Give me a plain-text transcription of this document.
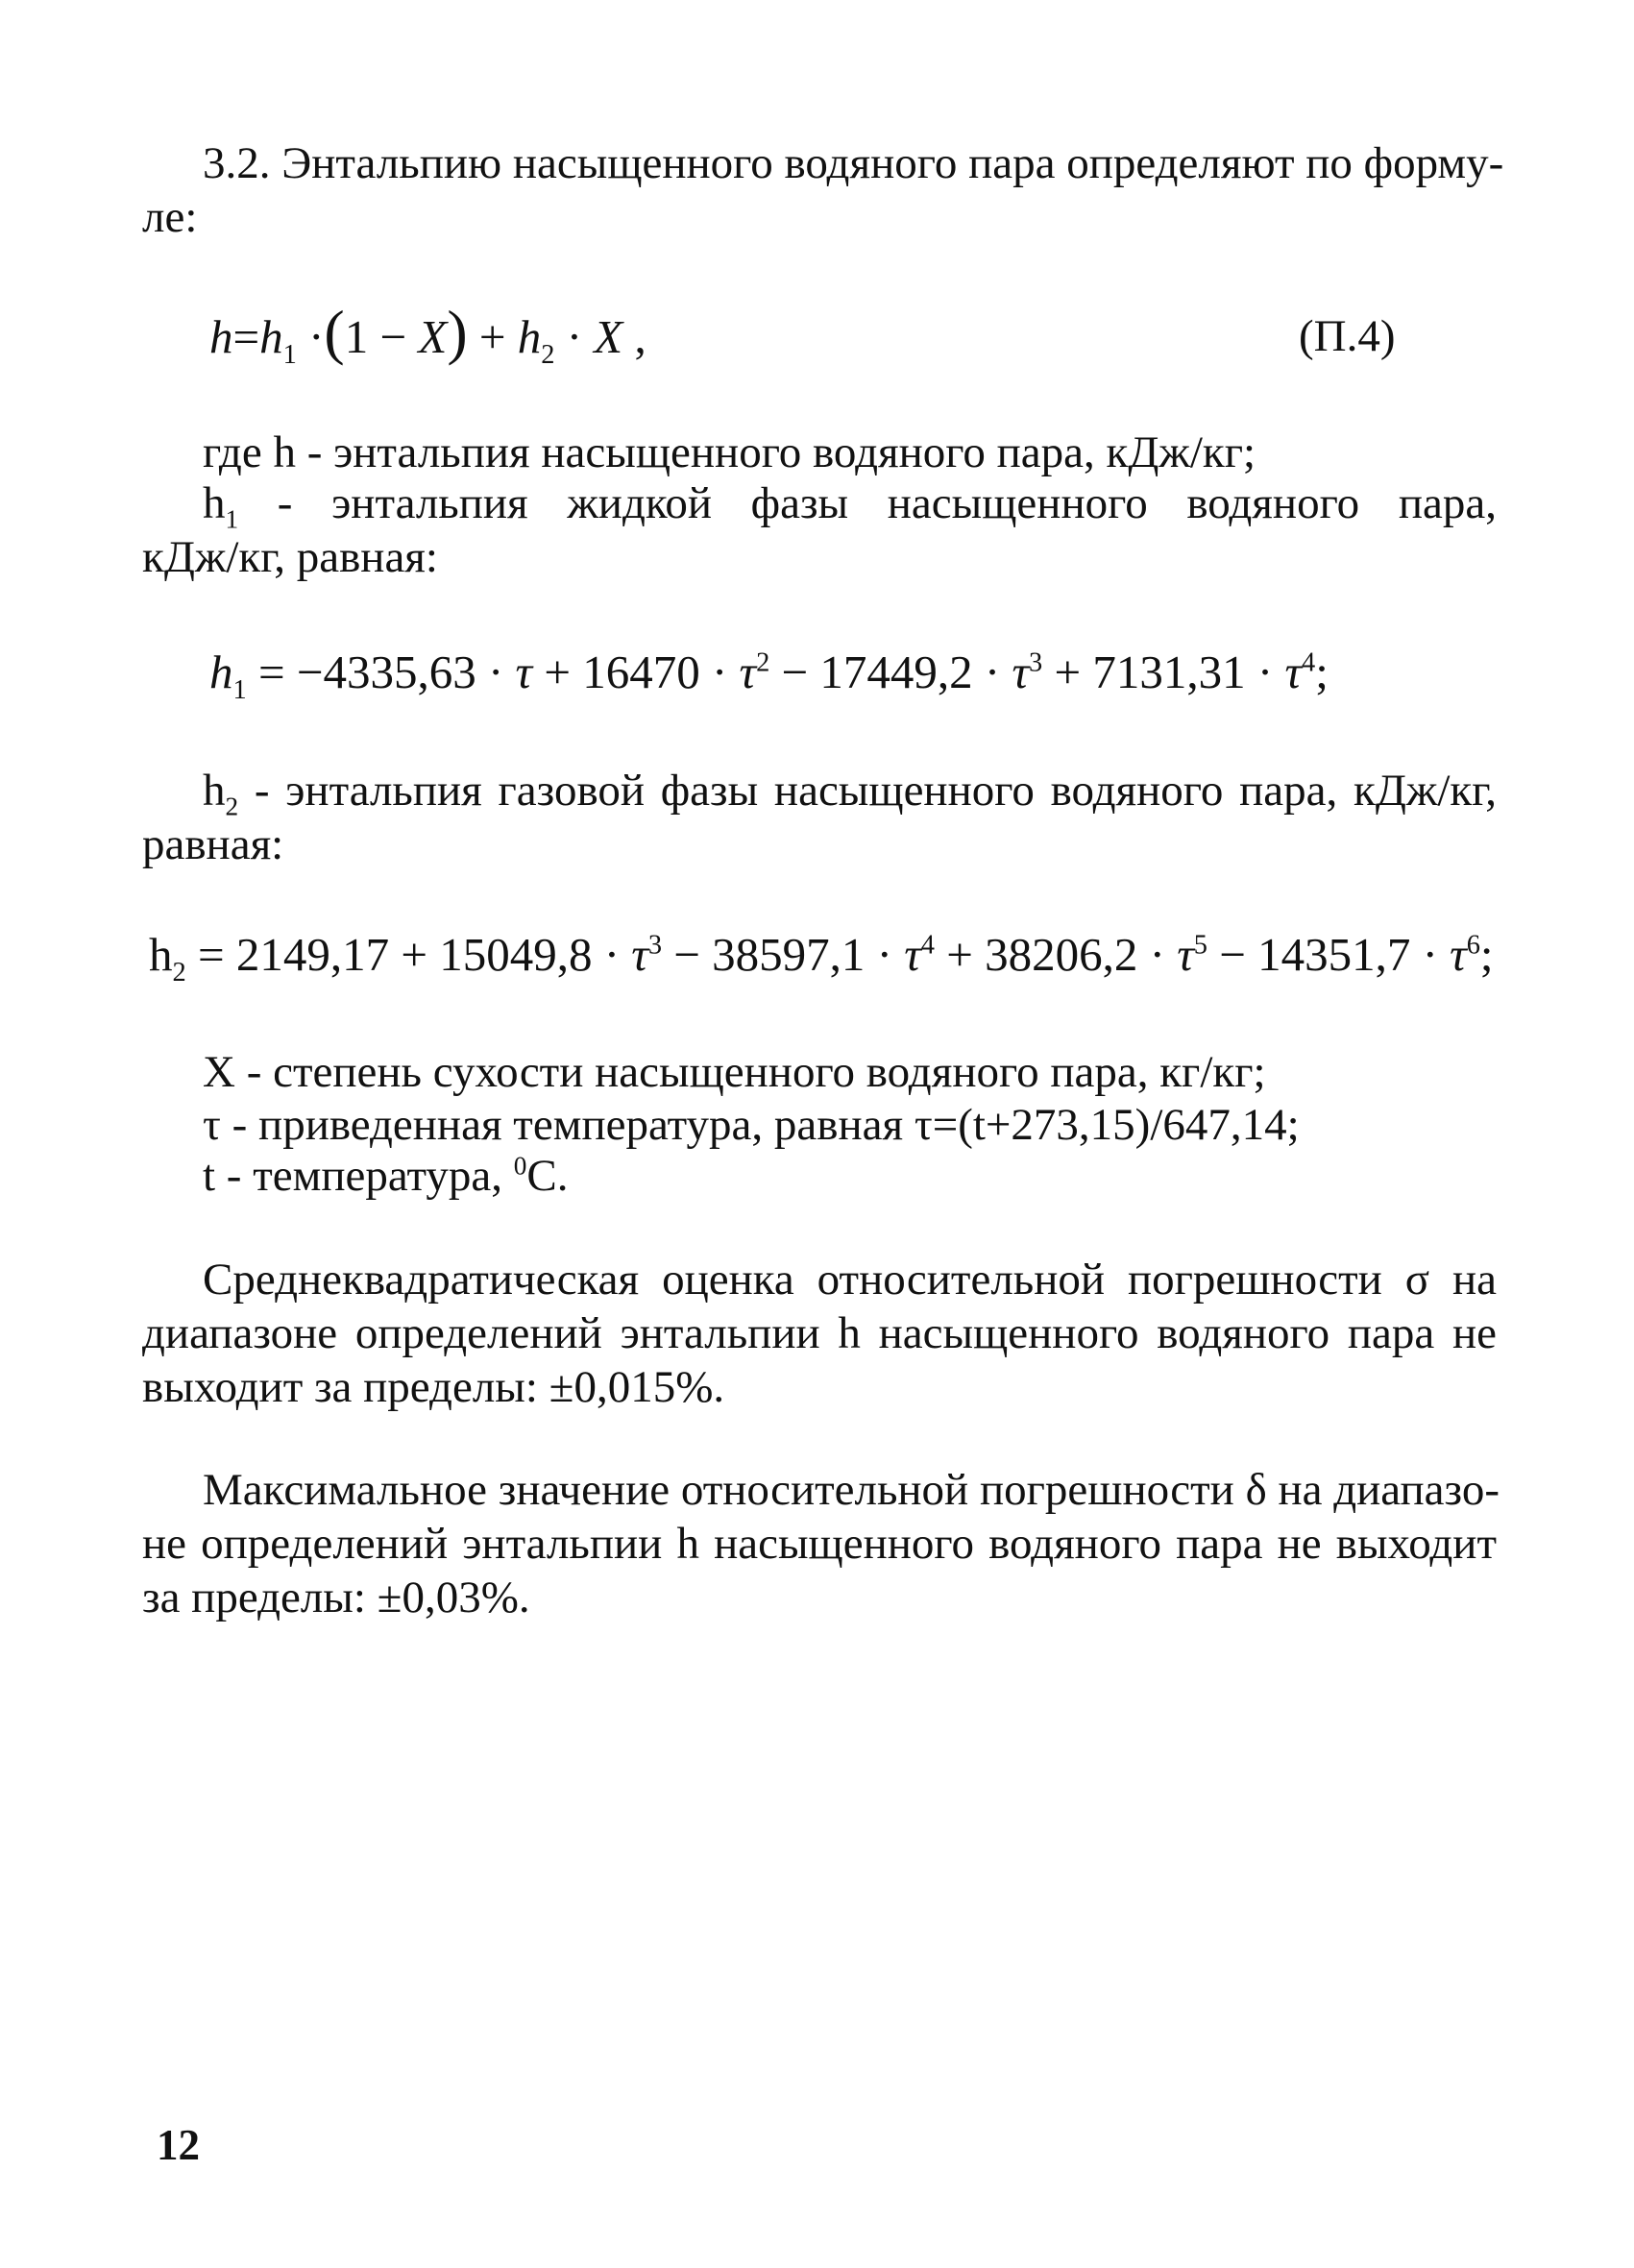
3.2. Энтальпию насыщенного водяного пара определяют по форму-
ле:
$h=h_1 \cdot(1 - X) + h_2 \cdot X$ ,	(П.4)
где h - энтальпия насыщенного водяного пара, кДж/кг;
$h_1$ - энтальпия жидкой фазы насыщенного водяного пара,
кДж/кг, равная:
$h_1 = -4335,63 \cdot \tau + 16470 \cdot \tau^2 - 17449,2 \cdot \tau^3 + 7131,31 \cdot \tau^4$;
$h_2$ - энтальпия газовой фазы насыщенного водяного пара, кДж/кг,
равная:
$h_2 = 2149,17 + 15049,8 \cdot \tau^3 - 38597,1 \cdot \tau^4 + 38206,2 \cdot \tau^5 - 14351,7 \cdot \tau^6$;
X - степень сухости насыщенного водяного пара, кг/кг;
τ - приведенная температура, равная τ=(t+273,15)/647,14;
t - температура, $^0$С.
Среднеквадратическая оценка относительной погрешности σ на
диапазоне определений энтальпии h насыщенного водяного пара не
выходит за пределы: ±0,015%.
Максимальное значение относительной погрешности δ на диапазо-
не определений энтальпии h насыщенного водяного пара не выходит
за пределы: ±0,03%.
12
